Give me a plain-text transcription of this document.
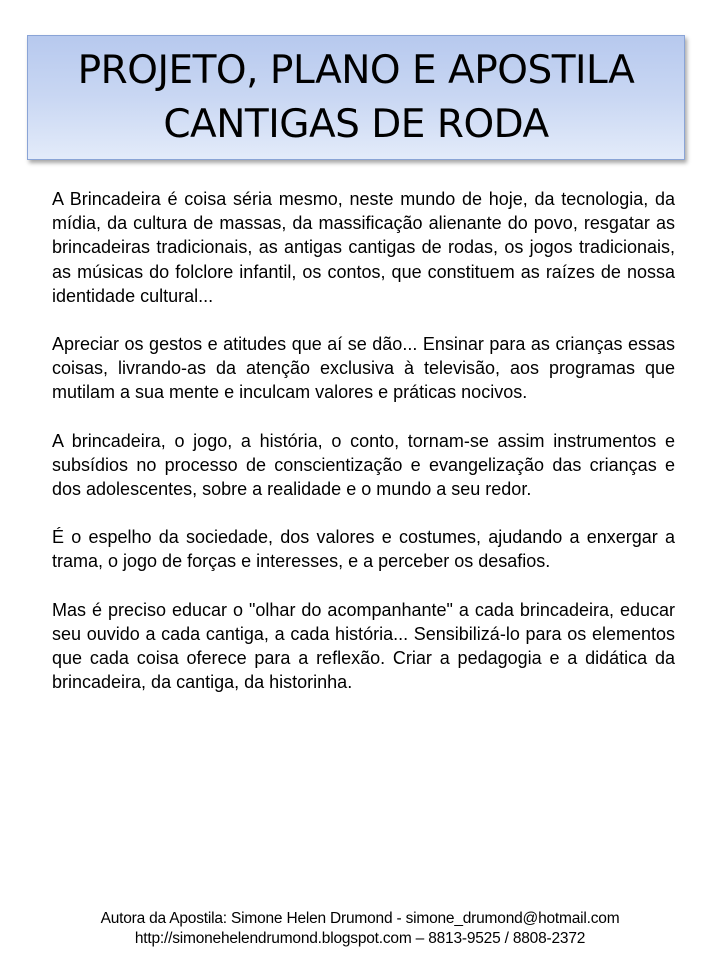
PROJETO, PLANO E APOSTILA
CANTIGAS DE RODA

A Brincadeira é coisa séria mesmo, neste mundo de hoje, da tecnologia, da mídia, da cultura de massas, da massificação alienante do povo, resgatar as brincadeiras tradicionais, as antigas cantigas de rodas, os jogos tradicionais, as músicas do folclore infantil, os contos, que constituem as raízes de nossa identidade cultural...

Apreciar os gestos e atitudes que aí se dão... Ensinar para as crianças essas coisas, livrando-as da atenção exclusiva à televisão, aos programas que mutilam a sua mente e inculcam valores e práticas nocivos.

A brincadeira, o jogo, a história, o conto, tornam-se assim instrumentos e subsídios no processo de conscientização e evangelização das crianças e dos adolescentes, sobre a realidade e o mundo a seu redor.

É o espelho da sociedade, dos valores e costumes, ajudando a enxergar a trama, o jogo de forças e interesses, e a perceber os desafios.

Mas é preciso educar o "olhar do acompanhante" a cada brincadeira, educar seu ouvido a cada cantiga, a cada história... Sensibilizá-lo para os elementos que cada coisa oferece para a reflexão. Criar a pedagogia e a didática da brincadeira, da cantiga, da historinha.

Autora da Apostila: Simone Helen Drumond - simone_drumond@hotmail.com
http://simonehelendrumond.blogspot.com – 8813-9525 / 8808-2372
